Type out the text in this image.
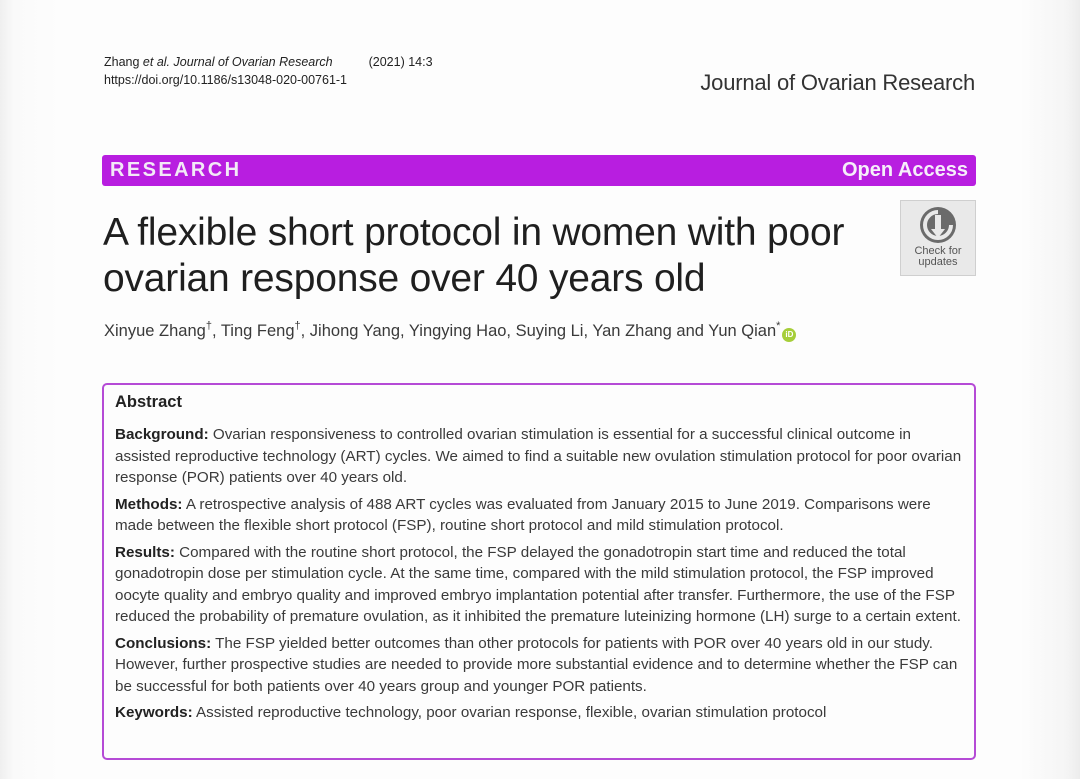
Zhang et al. Journal of Ovarian Research	(2021) 14:3
https://doi.org/10.1186/s13048-020-00761-1	Journal of Ovarian Research
RESEARCH	Open Access
A flexible short protocol in women with poor ovarian response over 40 years old
Check for
updates
Xinyue Zhang†, Ting Feng†, Jihong Yang, Yingying Hao, Suying Li, Yan Zhang and Yun Qian*iD
Abstract
Background: Ovarian responsiveness to controlled ovarian stimulation is essential for a successful clinical outcome in assisted reproductive technology (ART) cycles. We aimed to find a suitable new ovulation stimulation protocol for poor ovarian response (POR) patients over 40 years old.
Methods: A retrospective analysis of 488 ART cycles was evaluated from January 2015 to June 2019. Comparisons were made between the flexible short protocol (FSP), routine short protocol and mild stimulation protocol.
Results: Compared with the routine short protocol, the FSP delayed the gonadotropin start time and reduced the total gonadotropin dose per stimulation cycle. At the same time, compared with the mild stimulation protocol, the FSP improved oocyte quality and embryo quality and improved embryo implantation potential after transfer. Furthermore, the use of the FSP reduced the probability of premature ovulation, as it inhibited the premature luteinizing hormone (LH) surge to a certain extent.
Conclusions: The FSP yielded better outcomes than other protocols for patients with POR over 40 years old in our study. However, further prospective studies are needed to provide more substantial evidence and to determine whether the FSP can be successful for both patients over 40 years group and younger POR patients.
Keywords: Assisted reproductive technology, poor ovarian response, flexible, ovarian stimulation protocol
